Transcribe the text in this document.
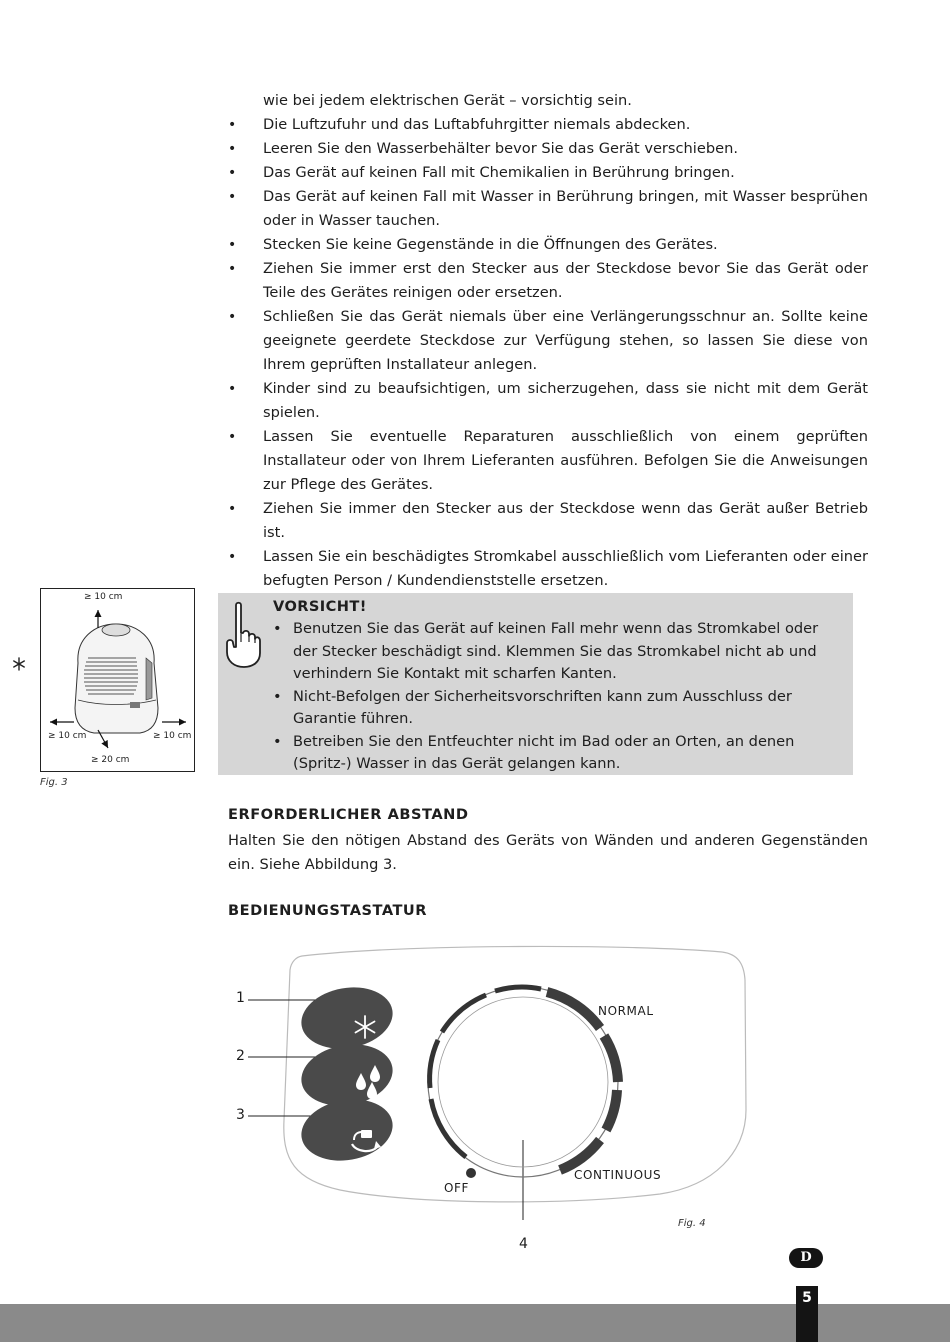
wie bei jedem elektrischen Gerät – vorsichtig sein.
• Die Luftzufuhr und das Luftabfuhrgitter niemals abdecken.
• Leeren Sie den Wasserbehälter bevor Sie das Gerät verschieben.
• Das Gerät auf keinen Fall mit Chemikalien in Berührung bringen.
• Das Gerät auf keinen Fall mit Wasser in Berührung bringen, mit Wasser besprühen oder in Wasser tauchen.
• Stecken Sie keine Gegenstände in die Öffnungen des Gerätes.
• Ziehen Sie immer erst den Stecker aus der Steckdose bevor Sie das Gerät oder Teile des Gerätes reinigen oder ersetzen.
• Schließen Sie das Gerät niemals über eine Verlängerungsschnur an. Sollte keine geeignete geerdete Steckdose zur Verfügung stehen, so lassen Sie diese von Ihrem geprüften Installateur anlegen.
• Kinder sind zu beaufsichtigen, um sicherzugehen, dass sie nicht mit dem Gerät spielen.
• Lassen Sie eventuelle Reparaturen ausschließlich von einem geprüften Installateur oder von Ihrem Lieferanten ausführen. Befolgen Sie die Anweisungen zur Pflege des Gerätes.
• Ziehen Sie immer den Stecker aus der Steckdose wenn das Gerät außer Betrieb ist.
• Lassen Sie ein beschädigtes Stromkabel ausschließlich vom Lieferanten oder einer befugten Person / Kundendienststelle ersetzen.
≥ 10 cm
≥ 10 cm	≥ 10 cm
≥ 20 cm
Fig. 3
VORSICHT!
• Benutzen Sie das Gerät auf keinen Fall mehr wenn das Stromkabel oder der Stecker beschädigt sind. Klemmen Sie das Stromkabel nicht ab und verhindern Sie Kontakt mit scharfen Kanten.
• Nicht-Befolgen der Sicherheitsvorschriften kann zum Ausschluss der Garantie führen.
• Betreiben Sie den Entfeuchter nicht im Bad oder an Orten, an denen (Spritz-) Wasser in das Gerät gelangen kann.
ERFORDERLICHER ABSTAND
Halten Sie den nötigen Abstand des Geräts von Wänden und anderen Gegenständen ein. Siehe Abbildung 3.
BEDIENUNGSTASTATUR
1
2
3
4
NORMAL
CONTINUOUS
OFF
Fig. 4
D
5
